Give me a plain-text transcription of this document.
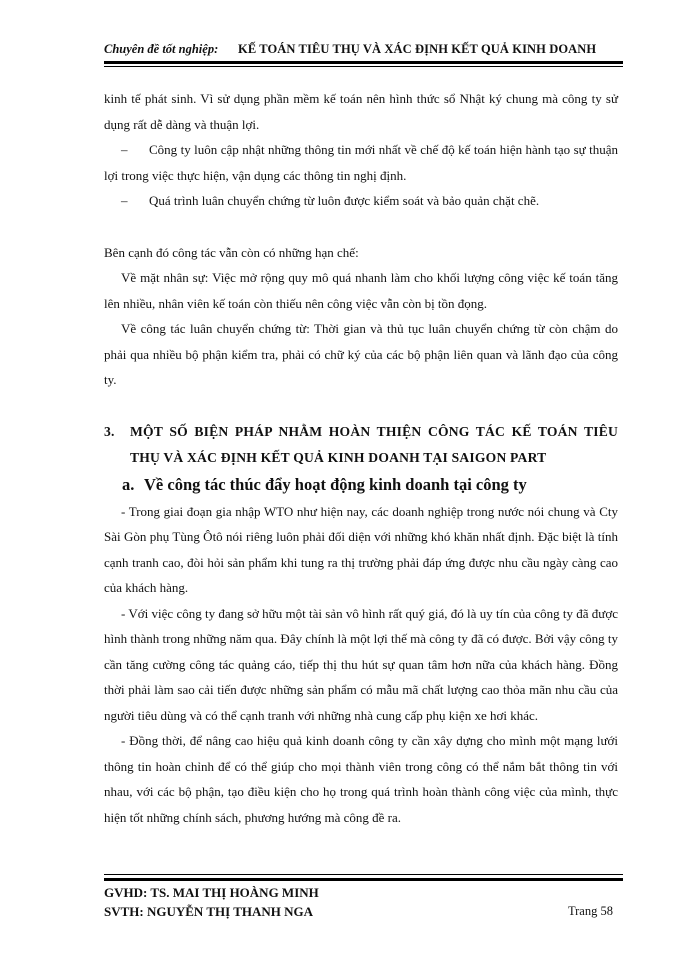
Chuyên đề tốt nghiệp: KẾ TOÁN TIÊU THỤ VÀ XÁC ĐỊNH KẾT QUẢ KINH DOANH

kinh tế phát sinh. Vì sử dụng phần mềm kế toán nên hình thức sổ Nhật ký chung mà công ty sử dụng rất dễ dàng và thuận lợi.

– Công ty luôn cập nhật những thông tin mới nhất về chế độ kế toán hiện hành tạo sự thuận lợi trong việc thực hiện, vận dụng các thông tin nghị định.

– Quá trình luân chuyển chứng từ luôn được kiểm soát và bảo quản chặt chẽ.

Bên cạnh đó công tác vẫn còn có những hạn chế:

Về mặt nhân sự: Việc mở rộng quy mô quá nhanh làm cho khối lượng công việc kế toán tăng lên nhiều, nhân viên kế toán còn thiếu nên công việc vẫn còn bị tồn đọng.

Về công tác luân chuyển chứng từ: Thời gian và thủ tục luân chuyển chứng từ còn chậm do phải qua nhiều bộ phận kiểm tra, phải có chữ ký của các bộ phận liên quan và lãnh đạo của công ty.

3. MỘT SỐ BIỆN PHÁP NHẰM HOÀN THIỆN CÔNG TÁC KẾ TOÁN TIÊU THỤ VÀ XÁC ĐỊNH KẾT QUẢ KINH DOANH TẠI SAIGON PART

a. Về công tác thúc đẩy hoạt động kinh doanh tại công ty

- Trong giai đoạn gia nhập WTO như hiện nay, các doanh nghiệp trong nước nói chung và Cty Sài Gòn phụ Tùng Ôtô nói riêng luôn phải đối diện với những khó khăn nhất định. Đặc biệt là tính cạnh tranh cao, đòi hỏi sản phẩm khi tung ra thị trường phải đáp ứng được nhu cầu ngày càng cao của khách hàng.

- Với việc công ty đang sở hữu một tài sản vô hình rất quý giá, đó là uy tín của công ty đã được hình thành trong những năm qua. Đây chính là một lợi thế mà công ty đã có được. Bởi vậy công ty cần tăng cường công tác quảng cáo, tiếp thị thu hút sự quan tâm hơn nữa của khách hàng. Đồng thời phải làm sao cải tiến được những sản phẩm có mẫu mã chất lượng cao thỏa mãn nhu cầu của người tiêu dùng và có thể cạnh tranh với những nhà cung cấp phụ kiện xe hơi khác.

- Đồng thời, để nâng cao hiệu quả kinh doanh công ty cần xây dựng cho mình một mạng lưới thông tin hoàn chỉnh để có thể giúp cho mọi thành viên trong công có thể nắm bắt thông tin với nhau, với các bộ phận, tạo điều kiện cho họ trong quá trình hoàn thành công việc của mình, thực hiện tốt những chính sách, phương hướng mà công đề ra.

GVHD: TS. MAI THỊ HOÀNG MINH
SVTH: NGUYỄN THỊ THANH NGA	Trang 58
